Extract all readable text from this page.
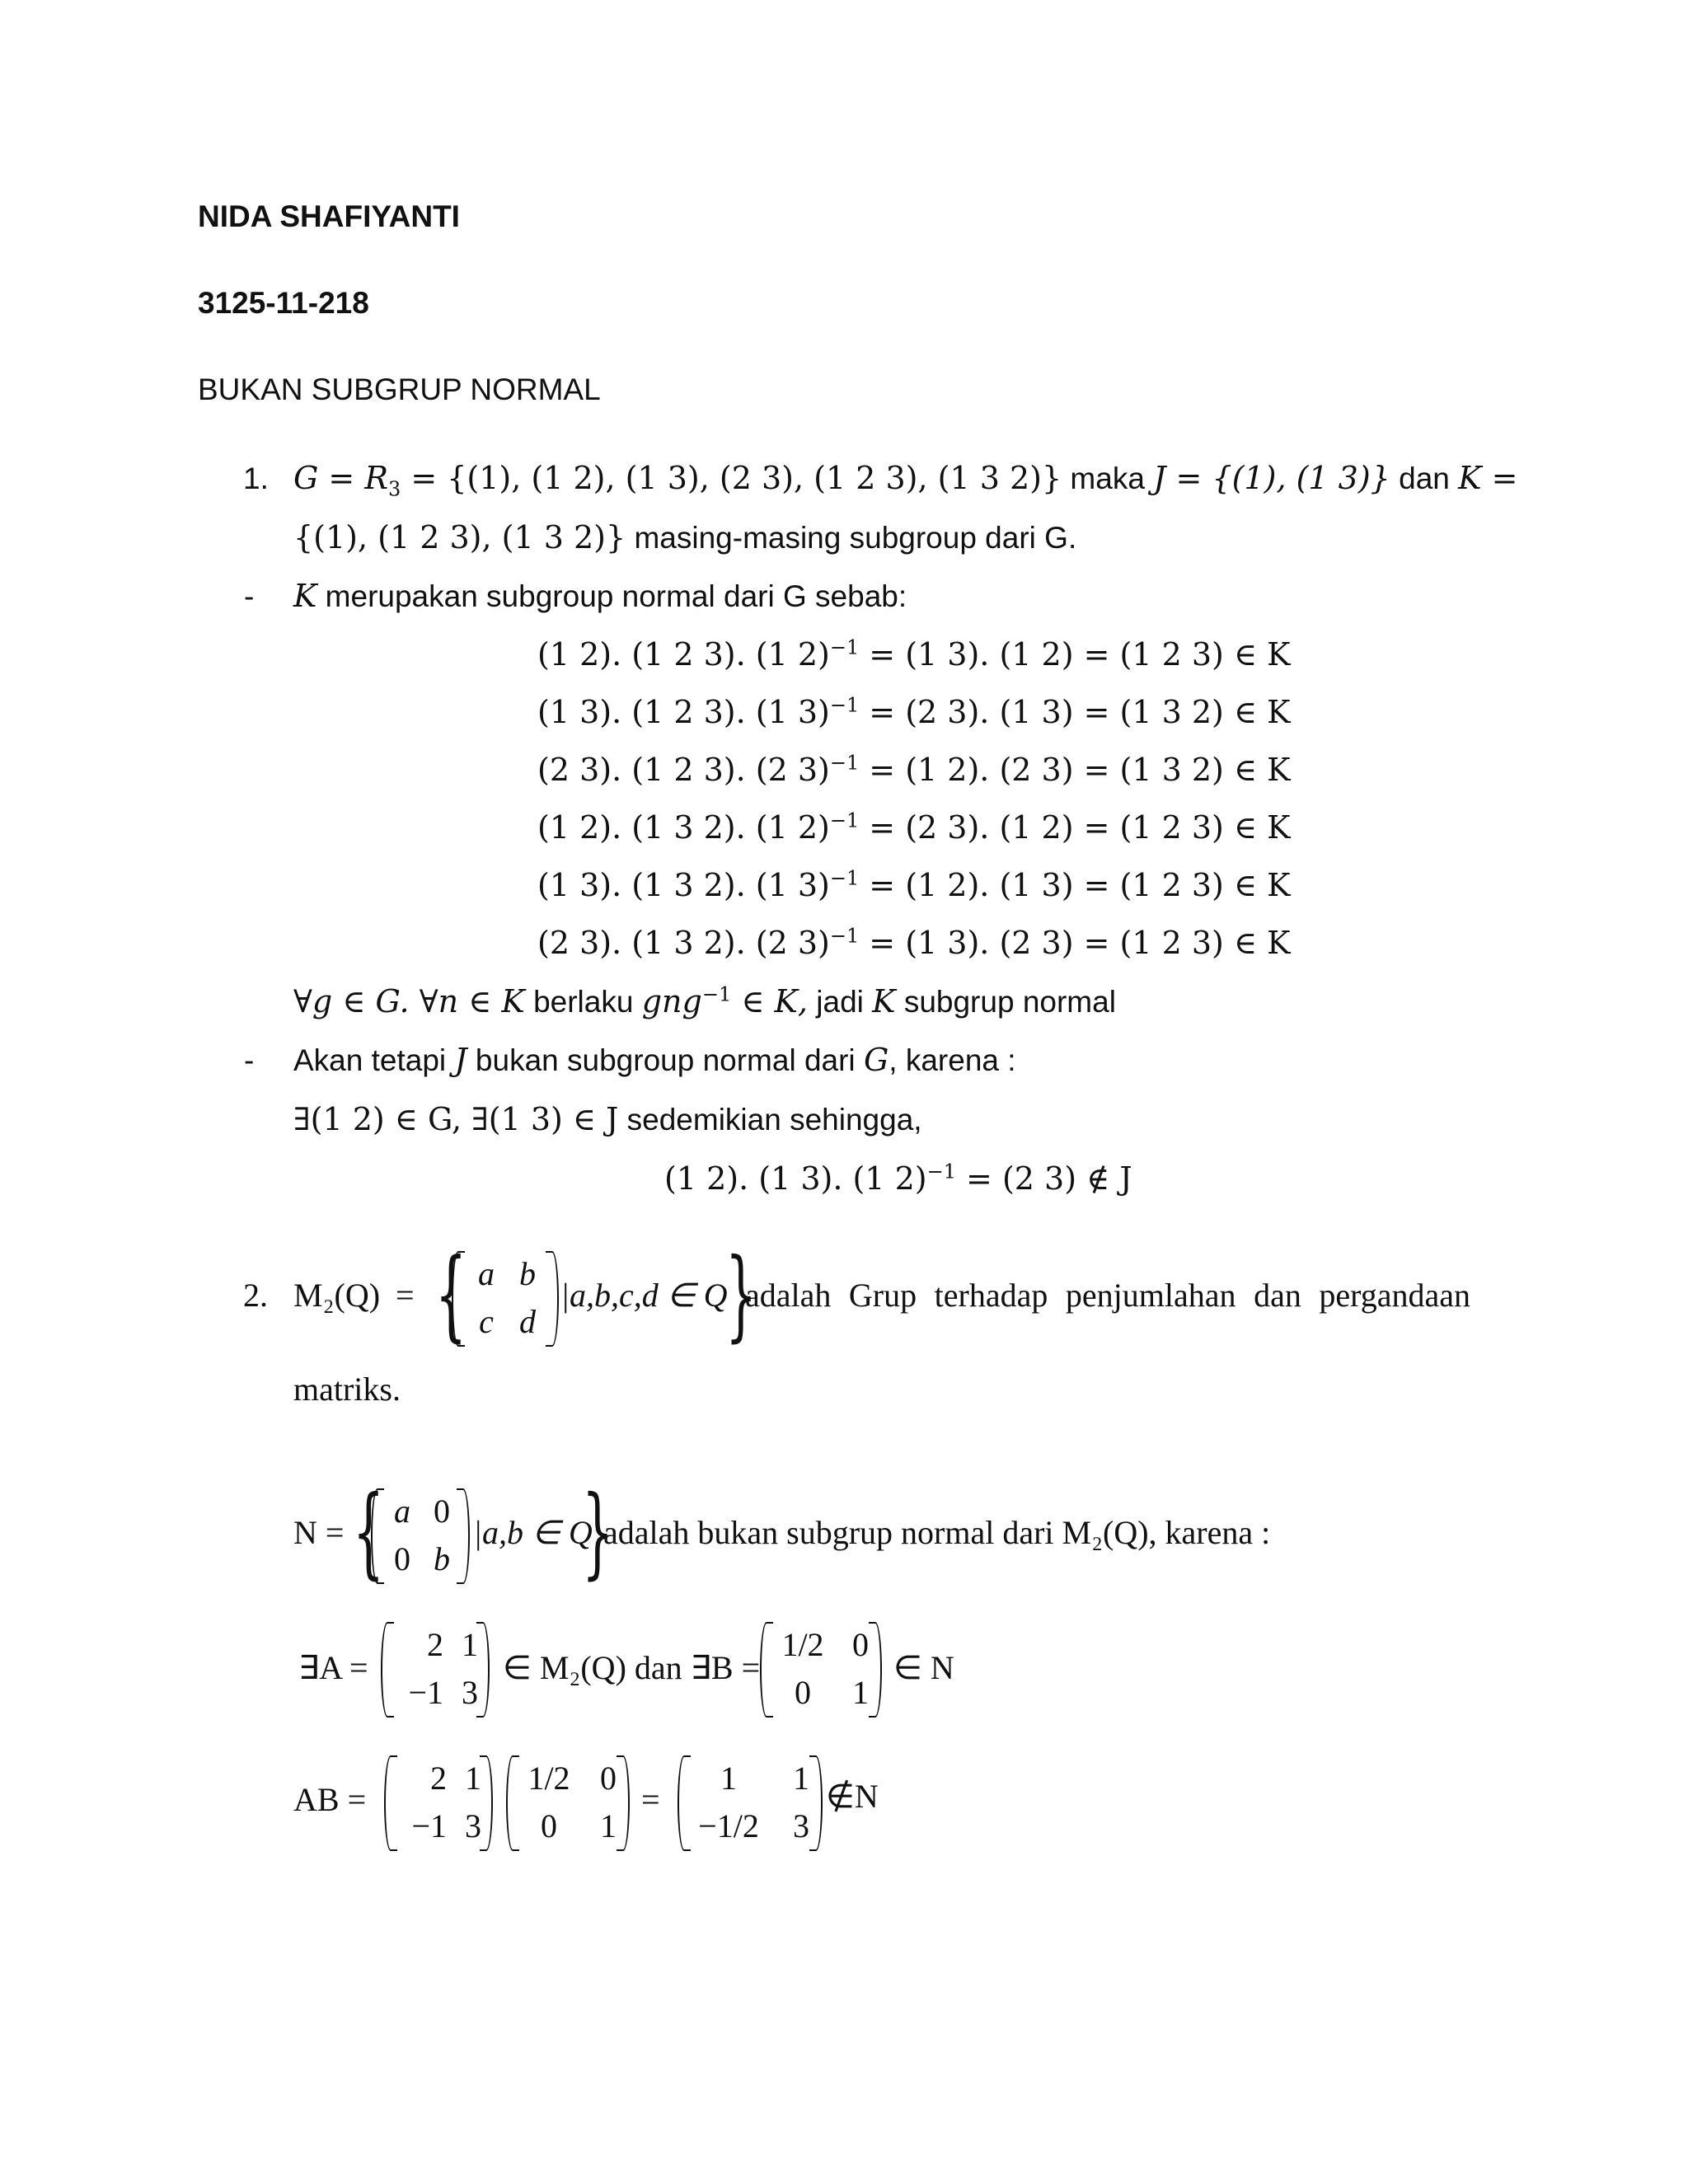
NIDA SHAFIYANTI
3125-11-218
BUKAN SUBGRUP NORMAL
1. $G = R_3 = \{(1)$, (1 2), (1 3), (2 3), (1 2 3), (1 3 2)} maka J = {(1), (1 3)} dan K =
{(1), (1 2 3), (1 3 2)} masing-masing subgroup dari G.
- K merupakan subgroup normal dari G sebab:
(1 2). (1 2 3). (1 2)$^{-1}$ = (1 3). (1 2) = (1 2 3) ∈ K
(1 3). (1 2 3). (1 3)$^{-1}$ = (2 3). (1 3) = (1 3 2) ∈ K
(2 3). (1 2 3). (2 3)$^{-1}$ = (1 2). (2 3) = (1 3 2) ∈ K
(1 2). (1 3 2). (1 2)$^{-1}$ = (2 3). (1 2) = (1 2 3) ∈ K
(1 3). (1 3 2). (1 3)$^{-1}$ = (1 2). (1 3) = (1 2 3) ∈ K
(2 3). (1 3 2). (2 3)$^{-1}$ = (1 3). (2 3) = (1 2 3) ∈ K
∀g ∈ G. ∀n ∈ K berlaku gng$^{-1}$ ∈ K, jadi K subgrup normal
- Akan tetapi J bukan subgroup normal dari G, karena :
∃(1 2) ∈ G, ∃(1 3) ∈ J sedemikian sehingga,
(1 2). (1 3). (1 2)$^{-1}$ = (2 3) ∉ J
2. M₂(Q) = { a b
c d
|a,b,c,d ∈ Q
}
adalah Grup terhadap penjumlahan dan pergandaan
matriks.
N = { a 0
0 b
|a,b ∈ Q
}
adalah bukan subgrup normal dari M₂(Q), karena :
∃A =
2 1
−1 3
∈ M₂(Q) dan ∃B =
1/2 0
0	1
∈ N
AB =
2 1
−1 3
1/2 0
0	1
=
1	1
−1/2	3
∉N
